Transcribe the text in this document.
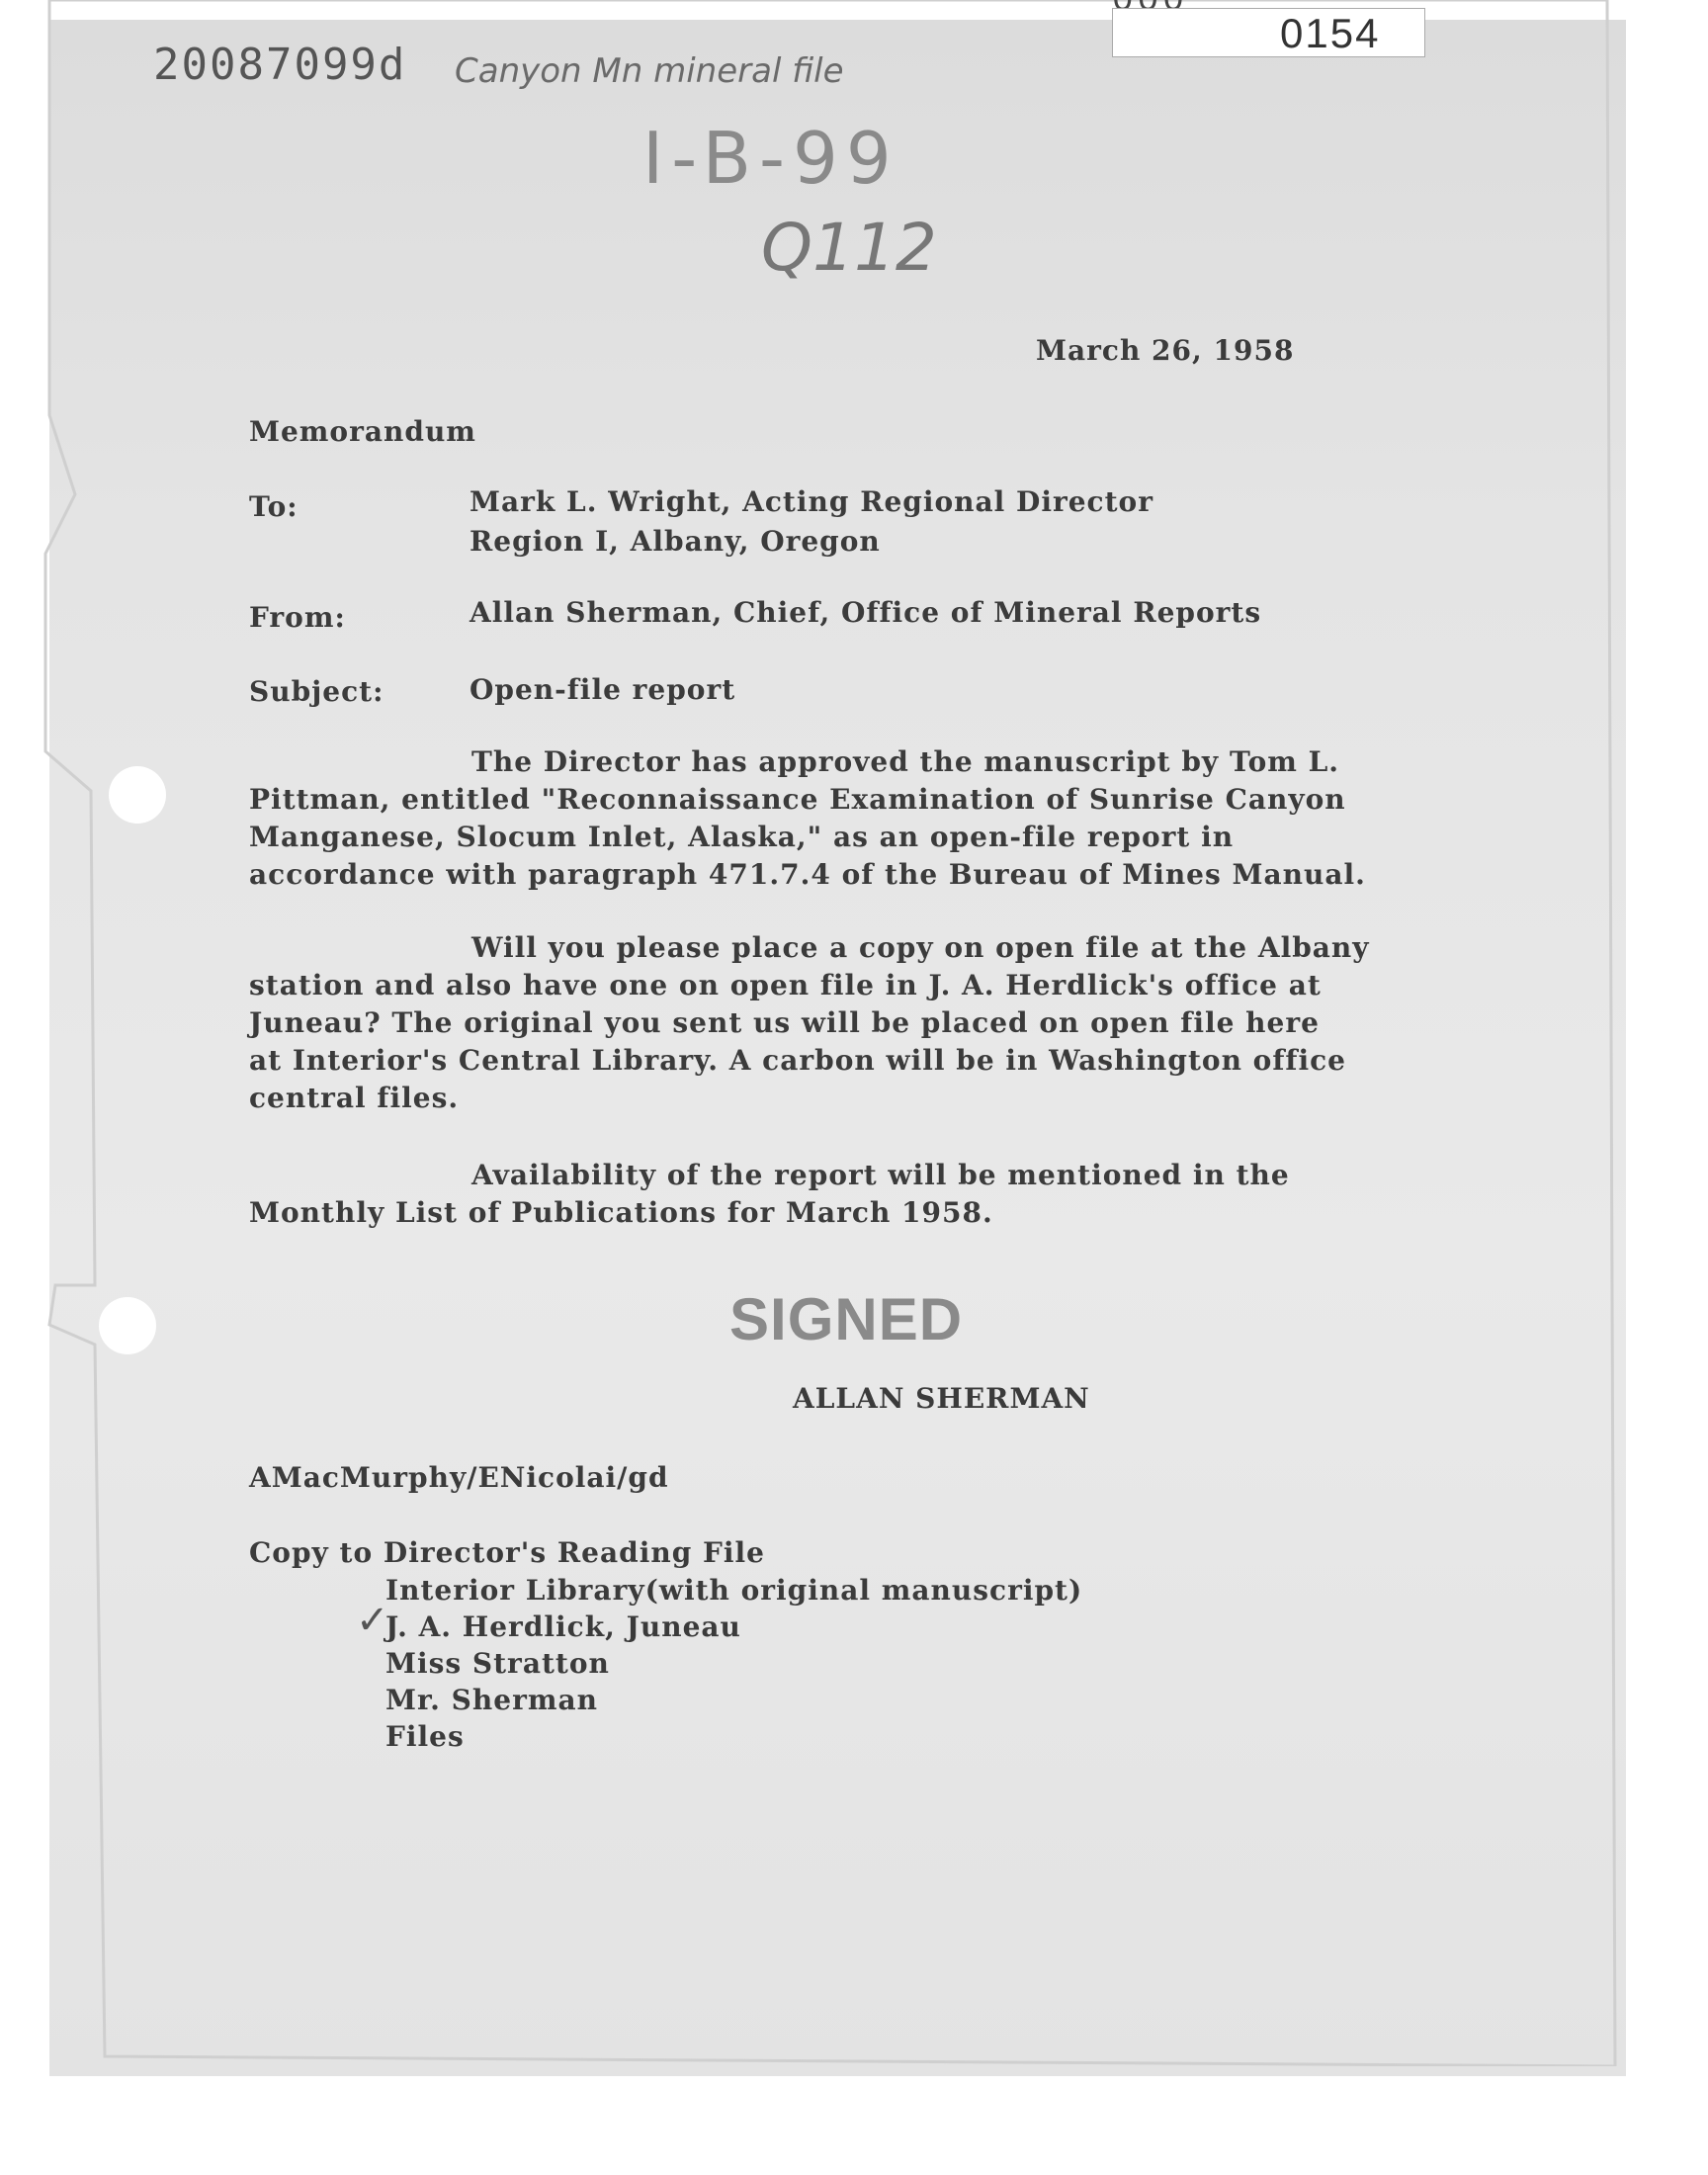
0154
20087099d Canyon Mn mineral file
I-B-99
Q112
March 26, 1958
Memorandum
To:	Mark L. Wright, Acting Regional Director
Region I, Albany, Oregon
From:	Allan Sherman, Chief, Office of Mineral Reports
Subject:	Open-file report
The Director has approved the manuscript by Tom L.
Pittman, entitled "Reconnaissance Examination of Sunrise Canyon
Manganese, Slocum Inlet, Alaska," as an open-file report in
accordance with paragraph 471.7.4 of the Bureau of Mines Manual.
Will you please place a copy on open file at the Albany
station and also have one on open file in J. A. Herdlick's office at
Juneau? The original you sent us will be placed on open file here
at Interior's Central Library. A carbon will be in Washington office
central files.
Availability of the report will be mentioned in the
Monthly List of Publications for March 1958.
SIGNED
ALLAN SHERMAN
AMacMurphy/ENicolai/gd
Copy to Director's Reading File
✓
Interior Library(with original manuscript)
J. A. Herdlick, Juneau
Miss Stratton
Mr. Sherman
Files
